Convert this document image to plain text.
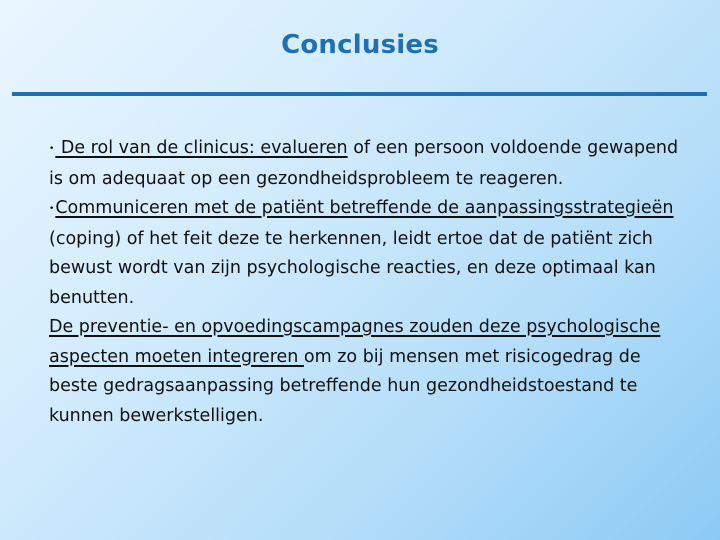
Conclusies

• De rol van de clinicus: evalueren of een persoon voldoende gewapend is om adequaat op een gezondheidsprobleem te reageren.

•Communiceren met de patiënt betreffende de aanpassingsstrategieën (coping) of het feit deze te herkennen, leidt ertoe dat de patiënt zich bewust wordt van zijn psychologische reacties, en deze optimaal kan benutten.

De preventie- en opvoedingscampagnes zouden deze psychologische aspecten moeten integreren om zo bij mensen met risicogedrag de beste gedragsaanpassing betreffende hun gezondheidstoestand te kunnen bewerkstelligen.
